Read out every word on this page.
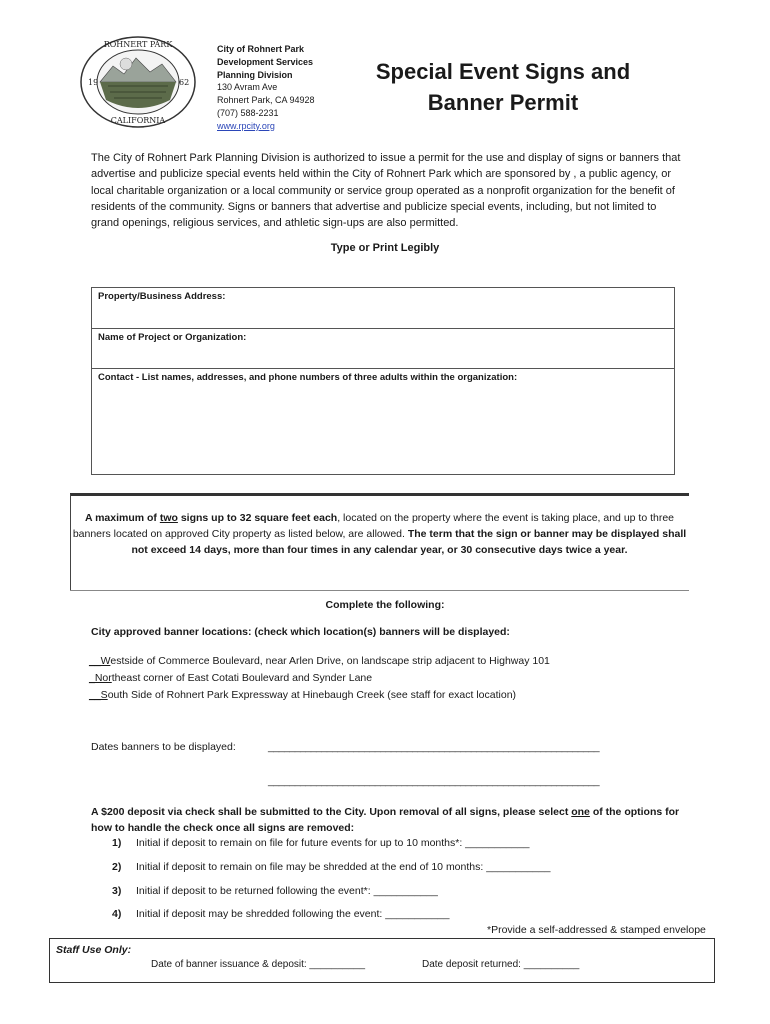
ROHNERT PARK
CALIFORNIA
19	62
City of Rohnert Park
Development Services
Planning Division
130 Avram Ave
Rohnert Park, CA 94928
(707) 588-2231
www.rpcity.org
Special Event Signs and
Banner Permit
The City of Rohnert Park Planning Division is authorized to issue a permit for the use and display of signs or banners that advertise and publicize special events held within the City of Rohnert Park which are sponsored by , a public agency, or local charitable organization or a local community or service group operated as a nonprofit organization for the benefit of residents of the community. Signs or banners that advertise and publicize special events, including, but not limited to grand openings, religious services, and athletic sign-ups are also permitted.
Type or Print Legibly
Property/Business Address:
Name of Project or Organization:
Contact - List names, addresses, and phone numbers of three adults within the organization:
A maximum of two signs up to 32 square feet each, located on the property where the event is taking place, and up to three banners located on approved City property as listed below, are allowed. The term that the sign or banner may be displayed shall not exceed 14 days, more than four times in any calendar year, or 30 consecutive days twice a year.
Complete the following:
City approved banner locations: (check which location(s) banners will be displayed:
__Westside of Commerce Boulevard, near Arlen Drive, on landscape strip adjacent to Highway 101
_Northeast corner of East Cotati Boulevard and Synder Lane
__South Side of Rohnert Park Expressway at Hinebaugh Creek (see staff for exact location)
Dates banners to be displayed:	______________________________________________________________
______________________________________________________________
A $200 deposit via check shall be submitted to the City. Upon removal of all signs, please select one of the options for how to handle the check once all signs are removed:
1) Initial if deposit to remain on file for future events for up to 10 months*: ___________
2) Initial if deposit to remain on file may be shredded at the end of 10 months: ___________
3) Initial if deposit to be returned following the event*: ___________
4) Initial if deposit may be shredded following the event: ___________
*Provide a self-addressed & stamped envelope
Staff Use Only:
Date of banner issuance & deposit: __________	Date deposit returned: __________
